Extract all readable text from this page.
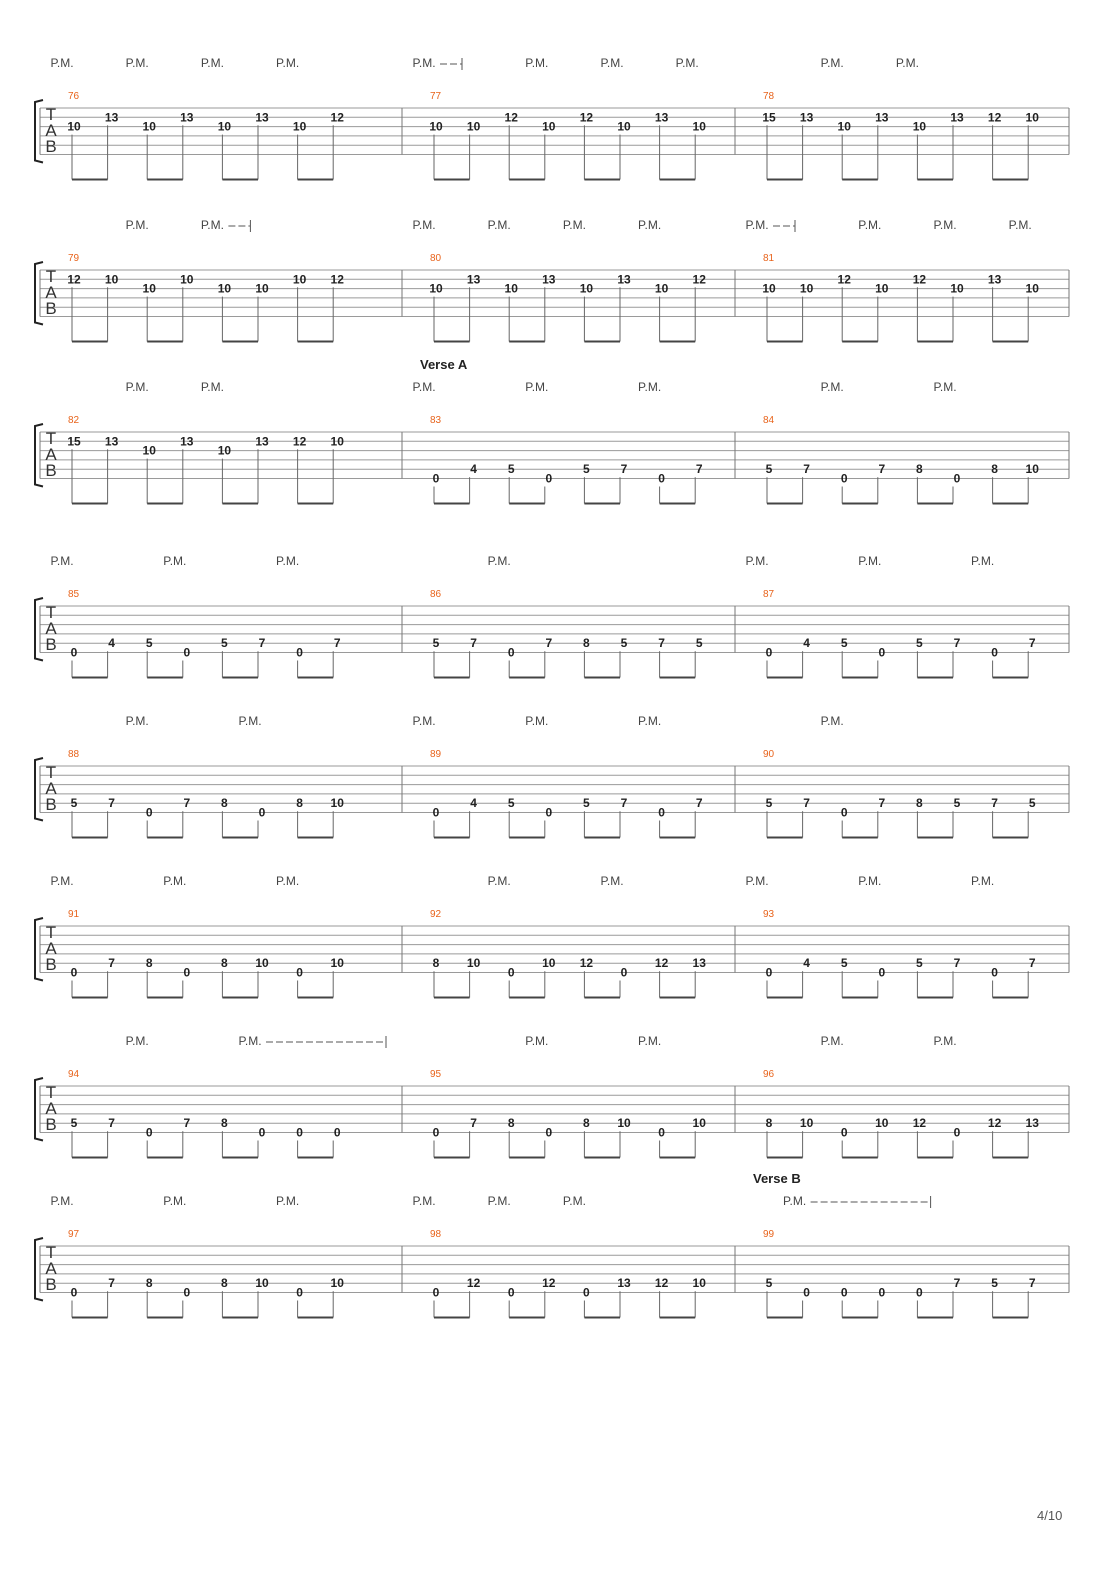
T
A
B
P.M.	P.M.	P.M.	P.M.	P.M.	P.M.	P.M.	P.M.	P.M.	P.M.
76
10
13
10
13
10
13
10
12
77
10 10
12
10
12
10
13
10
78
15 13
10
13
10
13 12 10
T
A
B
P.M.	P.M.	P.M.	P.M.	P.M.	P.M.	P.M.	P.M.	P.M.	P.M.
79
12 10
10
10
10 10
10 12
80
10
13
10
13
10
13
10
12
81
10 10
12
10
12
10
13
10
T
A
B
Verse A
P.M.	P.M.	P.M.	P.M.	P.M.	P.M.	P.M.
82
15 13
10
13
10
13 12 10
83
0
4	5
0
5	7
0
7
84
5	7
0
7	8
0
8 10
T
A
B
P.M.	P.M.	P.M.	P.M.	P.M.	P.M.	P.M.
85
0
4	5
0
5	7
0
7
86
5	7
0
7	8	5	7	5
87
0
4	5
0
5	7
0
7
T
A
B
P.M.	P.M.	P.M.	P.M.	P.M.	P.M.
88
5	7
0
7	8
0
8 10
89
0
4	5
0
5	7
0
7
90
5	7
0
7	8	5	7	5
T
A
B
P.M.	P.M.	P.M.	P.M.	P.M.	P.M.	P.M.	P.M.
91
0
7	8
0
8 10
0
10
92
8 10
0
10 12
0
12 13
93
0
4	5
0
5	7
0
7
T
A
B
P.M.	P.M.	P.M.	P.M.	P.M.	P.M.
94
5	7
0
7	8
0	0	0
95
0
7	8
0
8 10
0
10
96
8 10
0
10 12
0
12 13
T
A
B
Verse B
P.M.	P.M.	P.M.	P.M.	P.M.	P.M.	P.M.
97
0
7	8
0
8 10
0
10
98
0
12
0
12
0
13 12 10
99
5
0	0	0	0
7	5	7
4/10
